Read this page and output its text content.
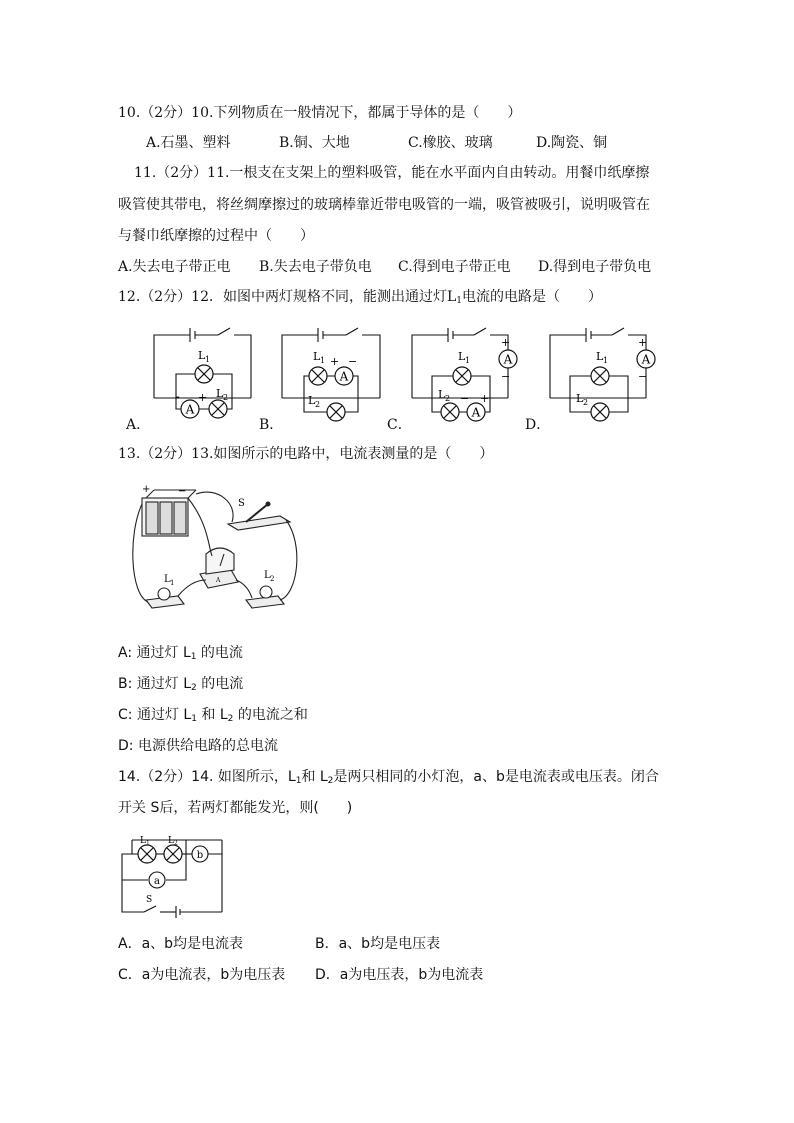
10.（2分）10.下列物质在一般情况下，都属于导体的是（　　）
A.石墨、塑料	B.铜、大地	C.橡胶、玻璃	D.陶瓷、铜
11.（2分）11.一根支在支架上的塑料吸管，能在水平面内自由转动。用餐巾纸摩擦
吸管使其带电，将丝绸摩擦过的玻璃棒靠近带电吸管的一端，吸管被吸引，说明吸管在
与餐巾纸摩擦的过程中（　　）
A.失去电子带正电 B.失去电子带负电 C.得到电子带正电 D.得到电子带负电
12.（2分）12．如图中两灯规格不同，能测出通过灯$L_1$电流的电路是（　　）
A
L 1
L 2
- +
L 1 + −
L 2
L 1
L 2 − +
+
−
L 1
L 2
+
−
A．	B．	C．	D．
13.（2分）13.如图所示的电路中，电流表测量的是（　　）
+	−
S
A
L 1
L 2
A: 通过灯 $L_1$ 的电流
B: 通过灯 $L_2$ 的电流
C: 通过灯 $L_1$ 和 $L_2$ 的电流之和
D: 电源供给电路的总电流
14.（2分）14. 如图所示，$L_1$和 $L_2$是两只相同的小灯泡，a、b是电流表或电压表。闭合
开关 S后，若两灯都能发光，则(　　)
b
a
L 1 L 2
S
A．a、b均是电流表	B．a、b均是电压表
C．a为电流表，b为电压表 D．a为电压表，b为电流表
